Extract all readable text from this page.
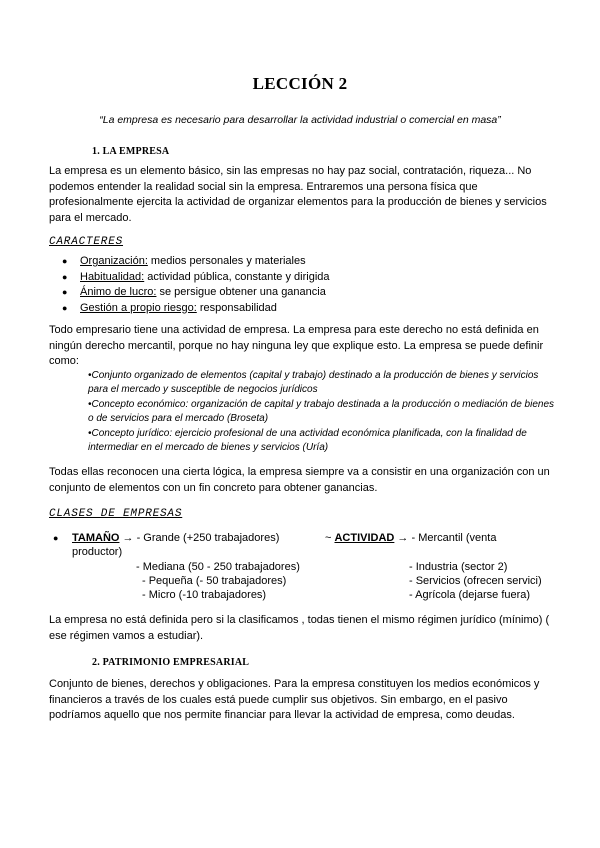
LECCIÓN 2
“La empresa es necesario para desarrollar la actividad industrial o comercial en masa”
1. LA EMPRESA

La empresa es un elemento básico, sin las empresas no hay paz social, contratación, riqueza... No podemos entender la realidad social sin la empresa. Entraremos una persona física que profesionalmente ejercita la actividad de organizar elementos para la producción de bienes y servicios para el mercado.

CARACTERES
● Organización: medios personales y materiales
● Habitualidad: actividad pública, constante y dirigida
● Ánimo de lucro: se persigue obtener una ganancia
● Gestión a propio riesgo: responsabilidad

Todo empresario tiene una actividad de empresa. La empresa para este derecho no está definida en ningún derecho mercantil, porque no hay ninguna ley que explique esto. La empresa se puede definir como:

•Conjunto organizado de elementos (capital y trabajo) destinado a la producción de bienes y servicios para el mercado y susceptible de negocios jurídicos

•Concepto económico: organización de capital y trabajo destinada a la producción o mediación de bienes o de servicios para el mercado (Broseta)

•Concepto jurídico: ejercicio profesional de una actividad económica planificada, con la finalidad de intermediar en el mercado de bienes y servicios (Uría)

Todas ellas reconocen una cierta lógica, la empresa siempre va a consistir en una organización con un conjunto de elementos con un fin concreto para obtener ganancias.

CLASES DE EMPRESAS
● TAMAÑO → - Grande (+250 trabajadores)	~ ACTIVIDAD → - Mercantil (venta
productor)
- Mediana (50 - 250 trabajadores)
- Pequeña (- 50 trabajadores)
- Micro (-10 trabajadores)
- Industria (sector 2)
- Servicios (ofrecen servici)
- Agrícola (dejarse fuera)

La empresa no está definida pero si la clasificamos , todas tienen el mismo régimen jurídico (mínimo) ( ese régimen vamos a estudiar).

2. PATRIMONIO EMPRESARIAL

Conjunto de bienes, derechos y obligaciones. Para la empresa constituyen los medios económicos y financieros a través de los cuales está puede cumplir sus objetivos. Sin embargo, en el pasivo podríamos aquello que nos permite financiar para llevar la actividad de empresa, como deudas.
